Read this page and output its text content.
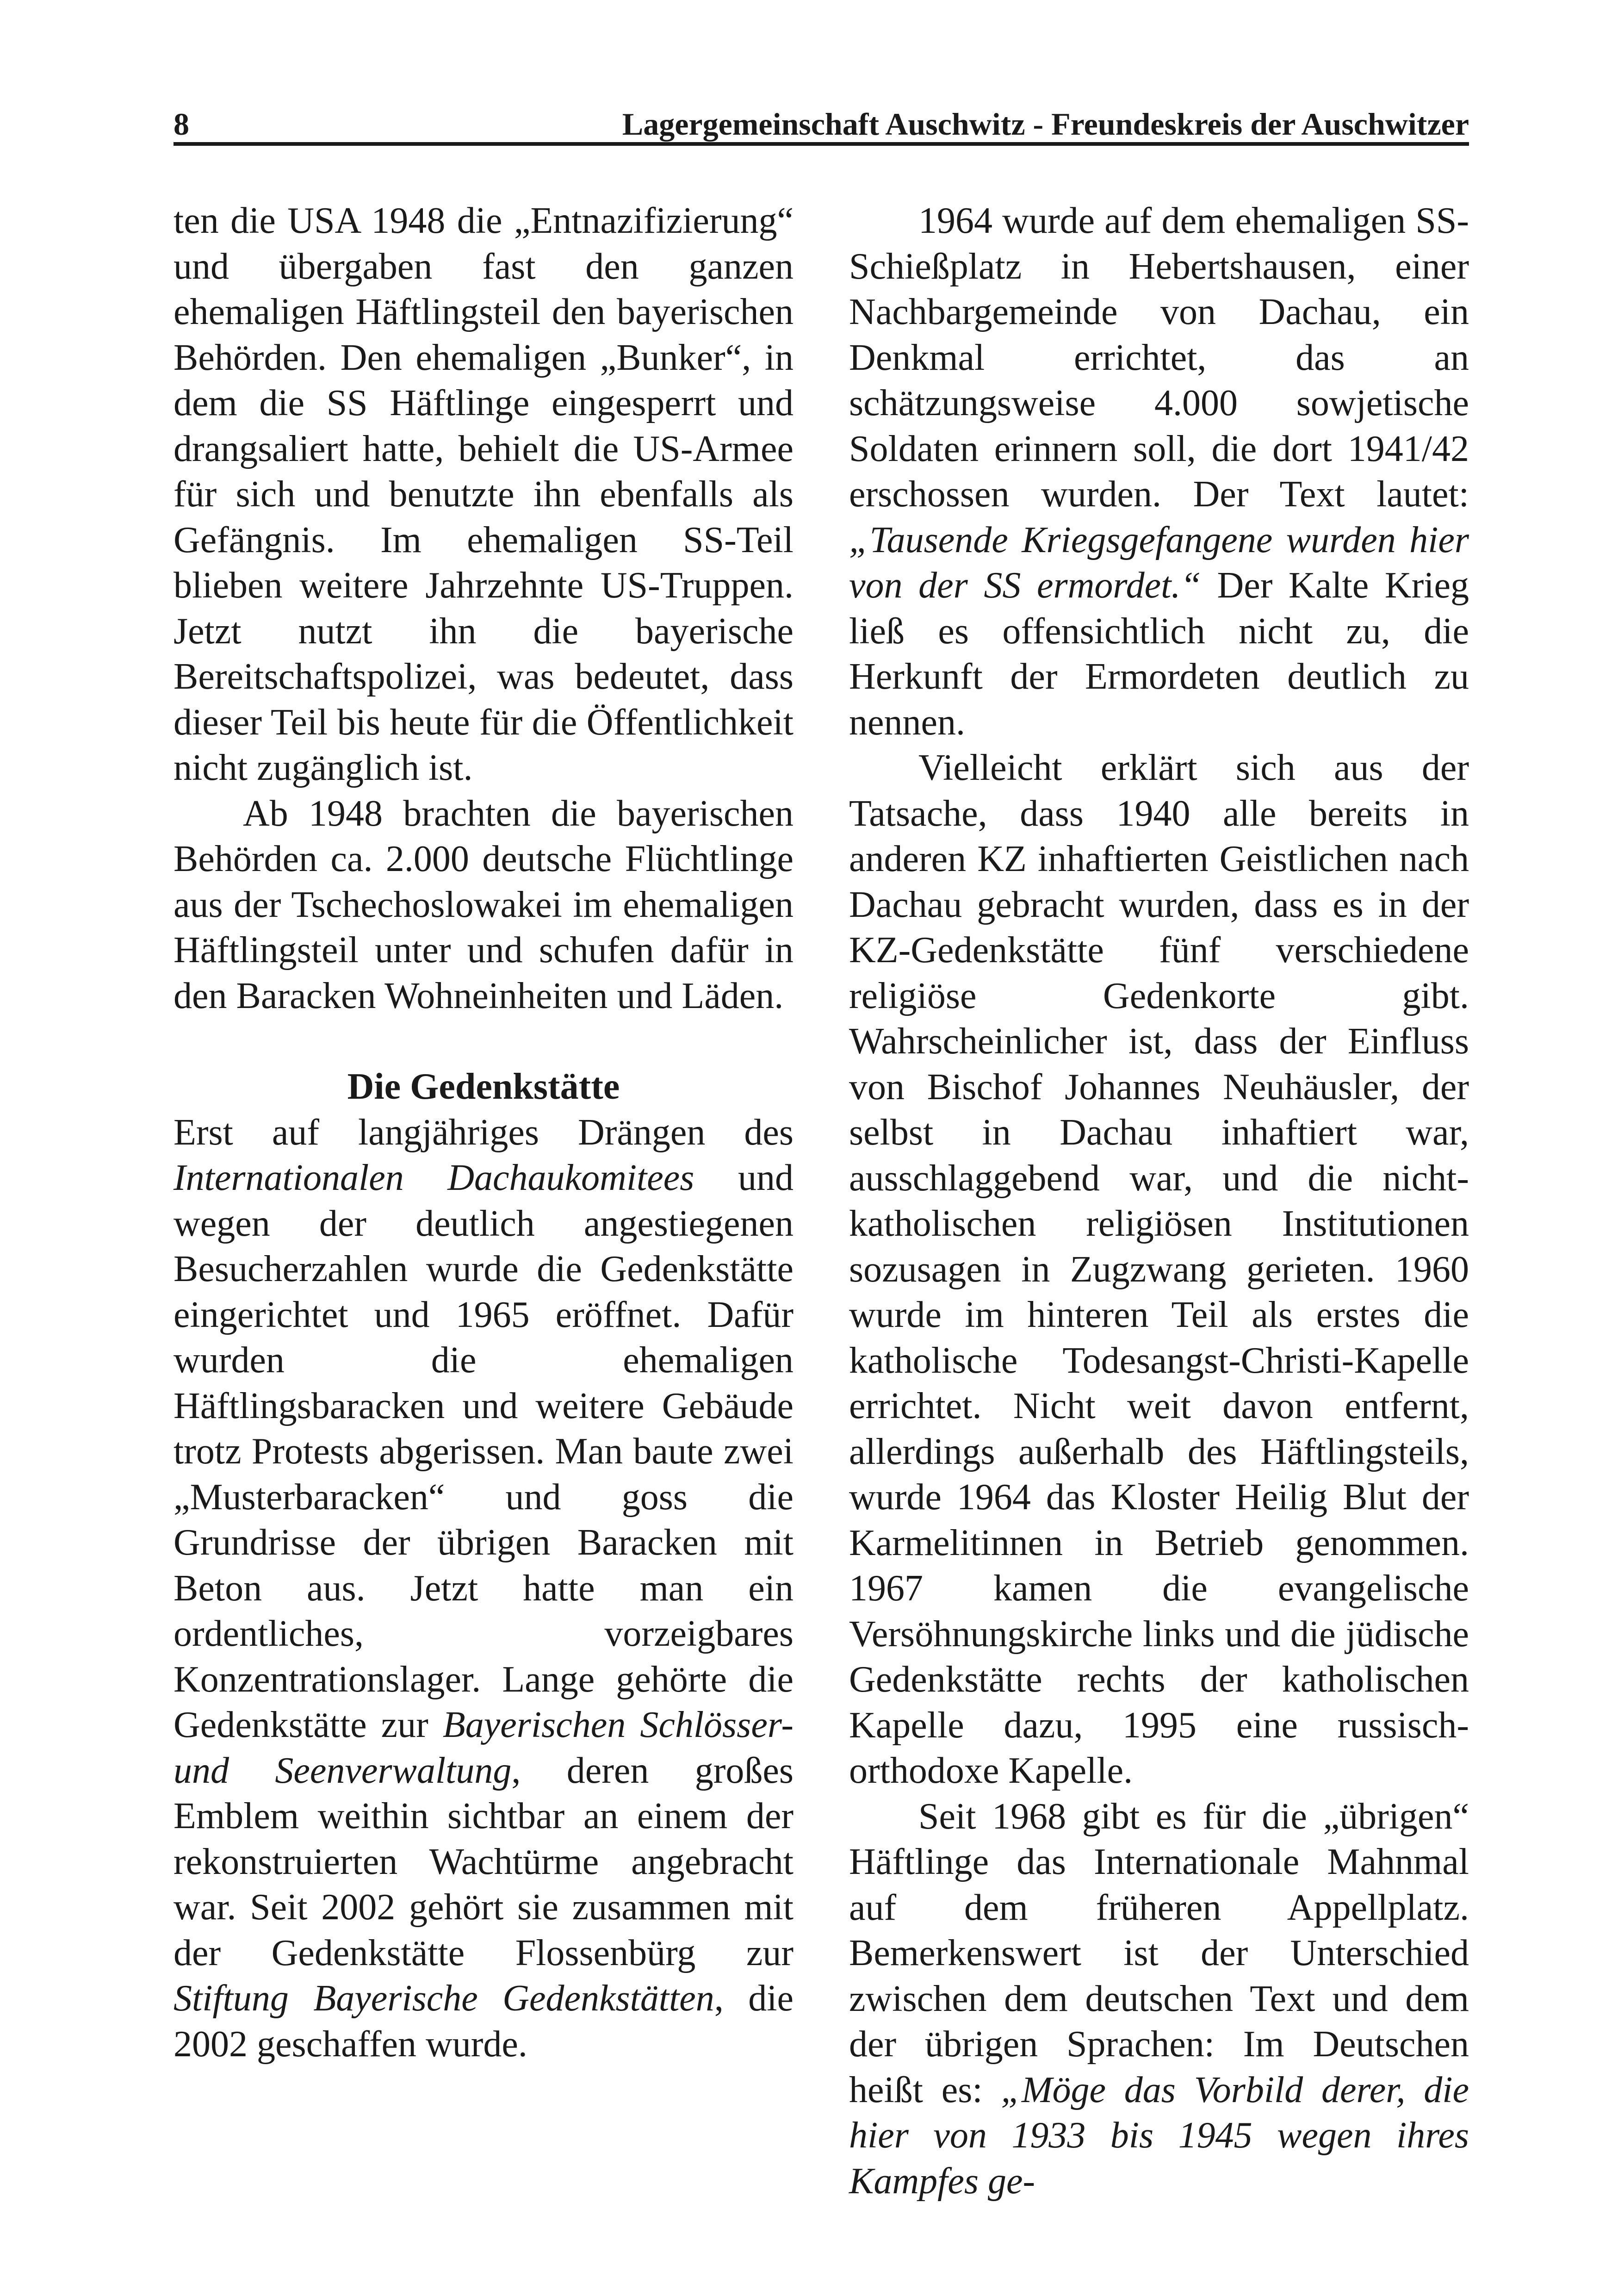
8	Lagergemeinschaft Auschwitz - Freundeskreis der Auschwitzer

ten die USA 1948 die „Entnazifizierung“ und übergaben fast den ganzen ehemaligen Häftlingsteil den bayerischen Behörden. Den ehemaligen „Bunker“, in dem die SS Häftlinge eingesperrt und drangsaliert hatte, behielt die US-Armee für sich und benutzte ihn ebenfalls als Gefängnis. Im ehemaligen SS-Teil blieben weitere Jahrzehnte US-Truppen. Jetzt nutzt ihn die bayerische Bereitschaftspolizei, was bedeutet, dass dieser Teil bis heute für die Öffentlichkeit nicht zugänglich ist.

Ab 1948 brachten die bayerischen Behörden ca. 2.000 deutsche Flüchtlinge aus der Tschechoslowakei im ehemaligen Häftlingsteil unter und schufen dafür in den Baracken Wohneinheiten und Läden.

Die Gedenkstätte

Erst auf langjähriges Drängen des Internationalen Dachaukomitees und wegen der deutlich angestiegenen Besucherzahlen wurde die Gedenkstätte eingerichtet und 1965 eröffnet. Dafür wurden die ehemaligen Häftlingsbaracken und weitere Gebäude trotz Protests abgerissen. Man baute zwei „Musterbaracken“ und goss die Grundrisse der übrigen Baracken mit Beton aus. Jetzt hatte man ein ordentliches, vorzeigbares Konzentrationslager. Lange gehörte die Gedenkstätte zur Bayerischen Schlösser- und Seenverwaltung, deren großes Emblem weithin sichtbar an einem der rekonstruierten Wachtürme angebracht war. Seit 2002 gehört sie zusammen mit der Gedenkstätte Flossenbürg zur Stiftung Bayerische Gedenkstätten, die 2002 geschaffen wurde.

1964 wurde auf dem ehemaligen SS-Schießplatz in Hebertshausen, einer Nachbargemeinde von Dachau, ein Denkmal errichtet, das an schätzungsweise 4.000 sowjetische Soldaten erinnern soll, die dort 1941/42 erschossen wurden. Der Text lautet: „Tausende Kriegsgefangene wurden hier von der SS ermordet.“ Der Kalte Krieg ließ es offensichtlich nicht zu, die Herkunft der Ermordeten deutlich zu nennen.

Vielleicht erklärt sich aus der Tatsache, dass 1940 alle bereits in anderen KZ inhaftierten Geistlichen nach Dachau gebracht wurden, dass es in der KZ-Gedenkstätte fünf verschiedene religiöse Gedenkorte gibt. Wahrscheinlicher ist, dass der Einfluss von Bischof Johannes Neuhäusler, der selbst in Dachau inhaftiert war, ausschlaggebend war, und die nicht-katholischen religiösen Institutionen sozusagen in Zugzwang gerieten. 1960 wurde im hinteren Teil als erstes die katholische Todesangst-Christi-Kapelle errichtet. Nicht weit davon entfernt, allerdings außerhalb des Häftlingsteils, wurde 1964 das Kloster Heilig Blut der Karmelitinnen in Betrieb genommen. 1967 kamen die evangelische Versöhnungskirche links und die jüdische Gedenkstätte rechts der katholischen Kapelle dazu, 1995 eine russisch-orthodoxe Kapelle.

Seit 1968 gibt es für die „übrigen“ Häftlinge das Internationale Mahnmal auf dem früheren Appellplatz. Bemerkenswert ist der Unterschied zwischen dem deutschen Text und dem der übrigen Sprachen: Im Deutschen heißt es: „Möge das Vorbild derer, die hier von 1933 bis 1945 wegen ihres Kampfes ge-
